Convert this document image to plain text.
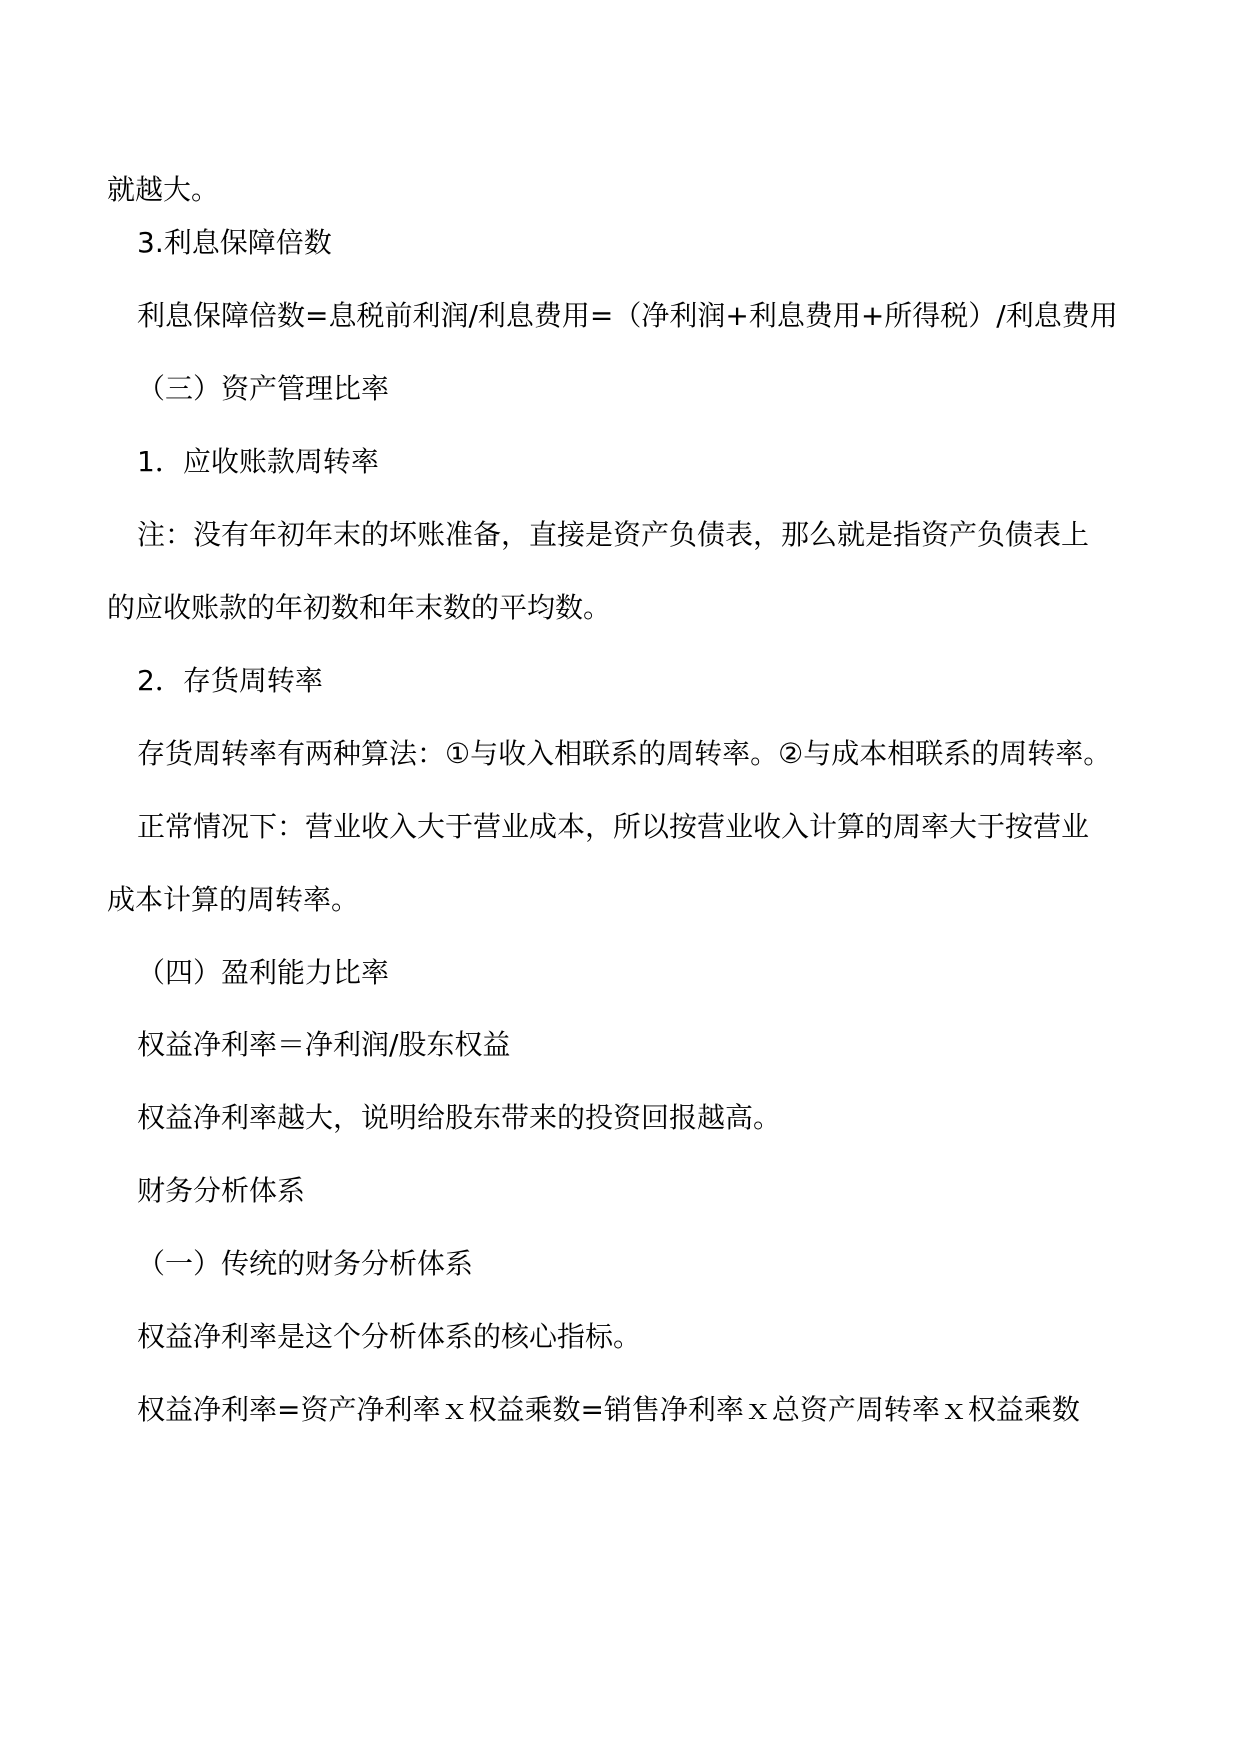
就越大。
3.利息保障倍数
利息保障倍数=息税前利润/利息费用=（净利润+利息费用+所得税）/利息费用
（三）资产管理比率
1．应收账款周转率
注：没有年初年末的坏账准备，直接是资产负债表，那么就是指资产负债表上
的应收账款的年初数和年末数的平均数。
2．存货周转率
存货周转率有两种算法：①与收入相联系的周转率。②与成本相联系的周转率。
正常情况下：营业收入大于营业成本，所以按营业收入计算的周率大于按营业
成本计算的周转率。
（四）盈利能力比率
权益净利率＝净利润/股东权益
权益净利率越大，说明给股东带来的投资回报越高。
财务分析体系
（一）传统的财务分析体系
权益净利率是这个分析体系的核心指标。
权益净利率=资产净利率ｘ权益乘数=销售净利率ｘ总资产周转率ｘ权益乘数
